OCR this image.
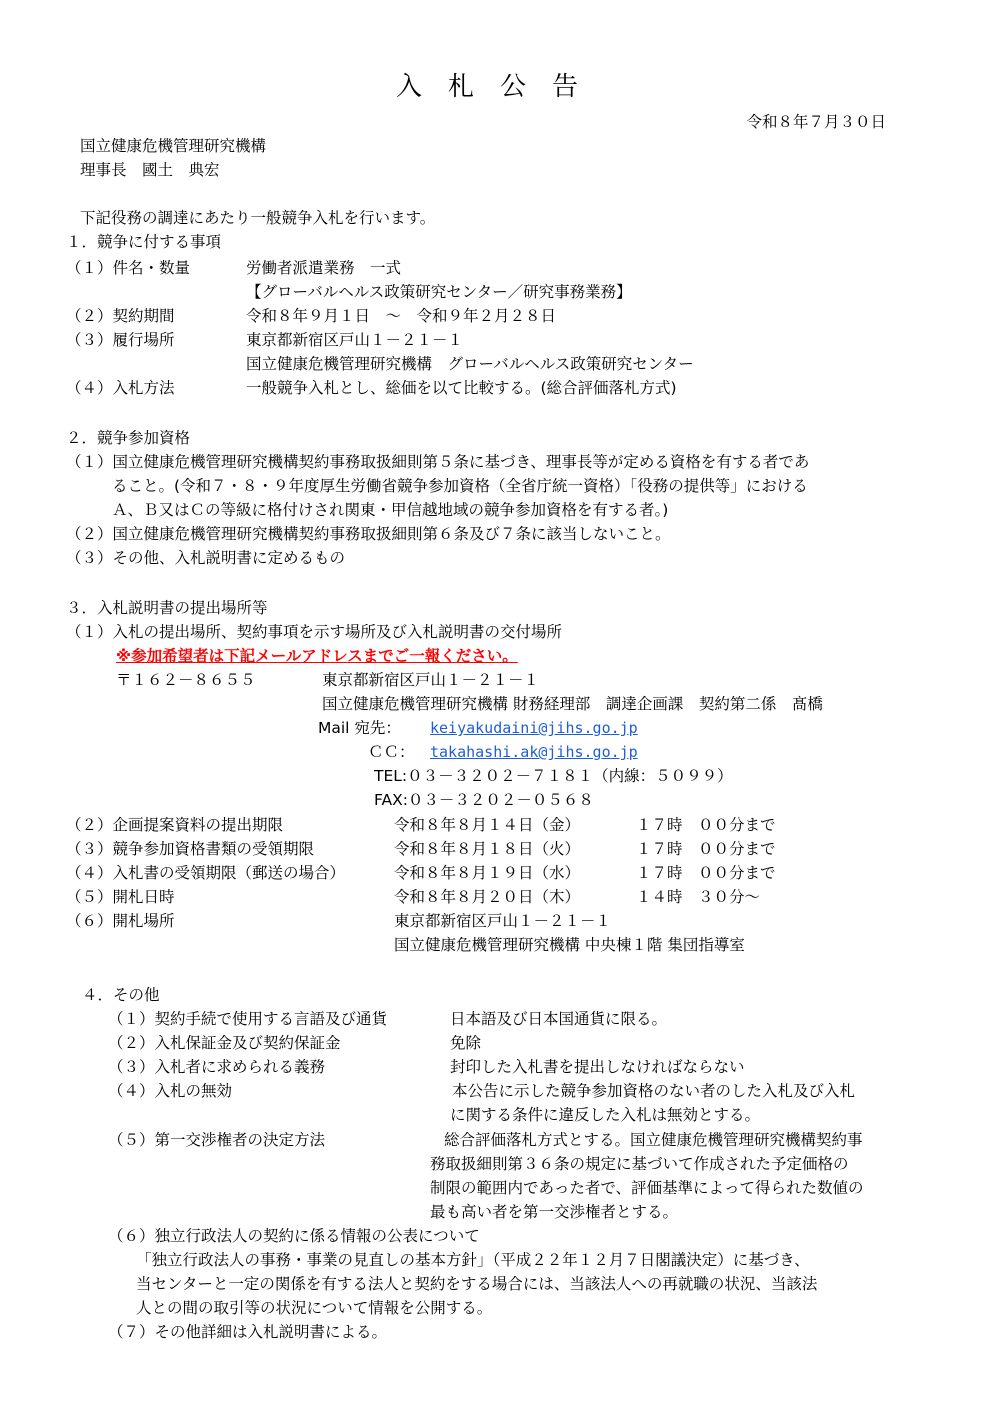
入札公告
令和８年７月３０日
国立健康危機管理研究機構
理事長　國土　典宏
下記役務の調達にあたり一般競争入札を行います。
１．競争に付する事項
（１）件名・数量	労働者派遣業務　一式
【グローバルヘルス政策研究センター／研究事務業務】
（２）契約期間	令和８年９月１日　～　令和９年２月２８日
（３）履行場所	東京都新宿区戸山１－２１－１
国立健康危機管理研究機構　グローバルヘルス政策研究センター
（４）入札方法	一般競争入札とし、総価を以て比較する。(総合評価落札方式)
２．競争参加資格
（１）国立健康危機管理研究機構契約事務取扱細則第５条に基づき、理事長等が定める資格を有する者であ
ること。(令和７・８・９年度厚生労働省競争参加資格（全省庁統一資格）「役務の提供等」における
Ａ、Ｂ又はＣの等級に格付けされ関東・甲信越地域の競争参加資格を有する者。)
（２）国立健康危機管理研究機構契約事務取扱細則第６条及び７条に該当しないこと。
（３）その他、入札説明書に定めるもの
３．入札説明書の提出場所等
（１）入札の提出場所、契約事項を示す場所及び入札説明書の交付場所
※参加希望者は下記メールアドレスまでご一報ください。
〒１６２－８６５５	東京都新宿区戸山１－２１－１
国立健康危機管理研究機構 財務経理部　調達企画課　契約第二係　髙橋
Mail 宛先： keiyakudaini@jihs.go.jp
ＣＣ： takahashi.ak@jihs.go.jp
TEL:０３－３２０２－７１８１（内線：５０９９）
FAX:０３－３２０２－０５６８
（２）企画提案資料の提出期限	令和８年８月１４日（金）	１７時　００分まで
（３）競争参加資格書類の受領期限	令和８年８月１８日（火）	１７時　００分まで
（４）入札書の受領期限（郵送の場合）	令和８年８月１９日（水）	１７時　００分まで
（５）開札日時	令和８年８月２０日（木）	１４時　３０分～
（６）開札場所	東京都新宿区戸山１－２１－１
国立健康危機管理研究機構 中央棟１階 集団指導室
４．その他
（１）契約手続で使用する言語及び通貨	日本語及び日本国通貨に限る。
（２）入札保証金及び契約保証金	免除
（３）入札者に求められる義務	封印した入札書を提出しなければならない
（４）入札の無効	本公告に示した競争参加資格のない者のした入札及び入札
に関する条件に違反した入札は無効とする。
（５）第一交渉権者の決定方法	総合評価落札方式とする。国立健康危機管理研究機構契約事
務取扱細則第３６条の規定に基づいて作成された予定価格の
制限の範囲内であった者で、評価基準によって得られた数値の
最も高い者を第一交渉権者とする。
（６）独立行政法人の契約に係る情報の公表について
「独立行政法人の事務・事業の見直しの基本方針」（平成２２年１２月７日閣議決定）に基づき、
当センターと一定の関係を有する法人と契約をする場合には、当該法人への再就職の状況、当該法
人との間の取引等の状況について情報を公開する。
（７）その他詳細は入札説明書による。
